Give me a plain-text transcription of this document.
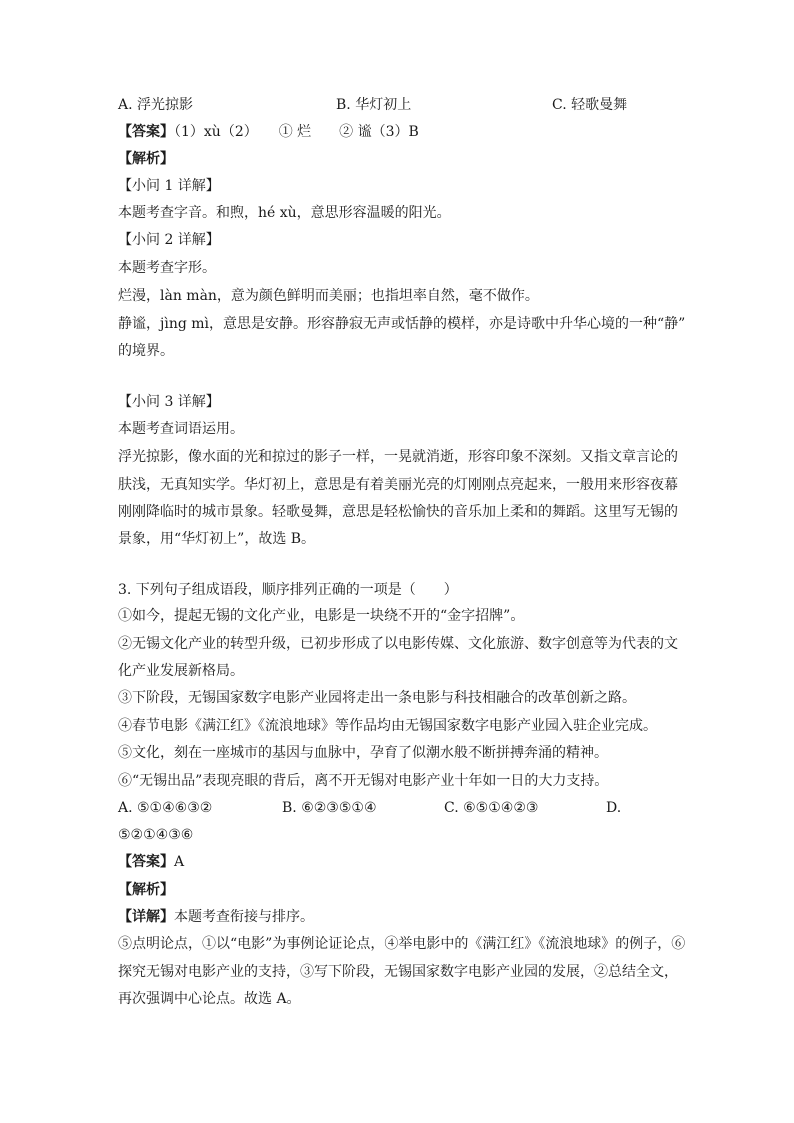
A. 浮光掠影	B. 华灯初上	C. 轻歌曼舞
【答案】（1）xù（2）　　① 烂　　② 谧（3）B
【解析】
【小问 1 详解】
本题考查字音。和煦，hé xù，意思形容温暖的阳光。
【小问 2 详解】
本题考查字形。
烂漫，làn màn，意为颜色鲜明而美丽；也指坦率自然，毫不做作。
静谧，jìng mì，意思是安静。形容静寂无声或恬静的模样，亦是诗歌中升华心境的一种“静”
的境界。
【小问 3 详解】
本题考查词语运用。
浮光掠影，像水面的光和掠过的影子一样，一晃就消逝，形容印象不深刻。又指文章言论的
肤浅，无真知实学。华灯初上，意思是有着美丽光亮的灯刚刚点亮起来，一般用来形容夜幕
刚刚降临时的城市景象。轻歌曼舞，意思是轻松愉快的音乐加上柔和的舞蹈。这里写无锡的
景象，用“华灯初上”，故选 B。
3. 下列句子组成语段，顺序排列正确的一项是（　　）
①如今，提起无锡的文化产业，电影是一块绕不开的“金字招牌”。
②无锡文化产业的转型升级，已初步形成了以电影传媒、文化旅游、数字创意等为代表的文
化产业发展新格局。
③下阶段，无锡国家数字电影产业园将走出一条电影与科技相融合的改革创新之路。
④春节电影《满江红》《流浪地球》等作品均由无锡国家数字电影产业园入驻企业完成。
⑤文化，刻在一座城市的基因与血脉中，孕育了似潮水般不断拼搏奔涌的精神。
⑥“无锡出品”表现亮眼的背后，离不开无锡对电影产业十年如一日的大力支持。
A. ⑤①④⑥③②	B. ⑥②③⑤①④	C. ⑥⑤①④②③	D.
⑤②①④③⑥
【答案】A
【解析】
【详解】本题考查衔接与排序。
⑤点明论点，①以“电影”为事例论证论点，④举电影中的《满江红》《流浪地球》的例子，⑥
探究无锡对电影产业的支持，③写下阶段，无锡国家数字电影产业园的发展，②总结全文，
再次强调中心论点。故选 A。
